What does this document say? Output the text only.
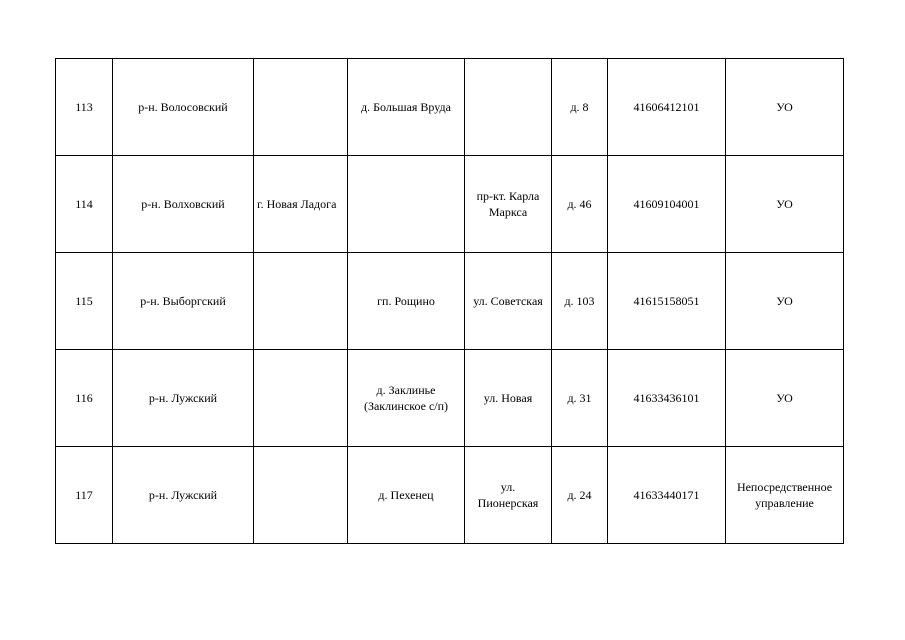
113	р-н. Волосовский		д. Большая Вруда		д. 8	41606412101	УО

114	р-н. Волховский	г. Новая Ладога		пр-кт. Карла
Маркса	д. 46	41609104001	УО

115	р-н. Выборгский		гп. Рощино	ул. Советская	д. 103	41615158051	УО

116	р-н. Лужский		д. Заклинье
(Заклинское с/п)	ул. Новая	д. 31	41633436101	УО

117	р-н. Лужский		д. Пехенец	ул.
Пионерская	д. 24	41633440171	Непосредственное
управление
